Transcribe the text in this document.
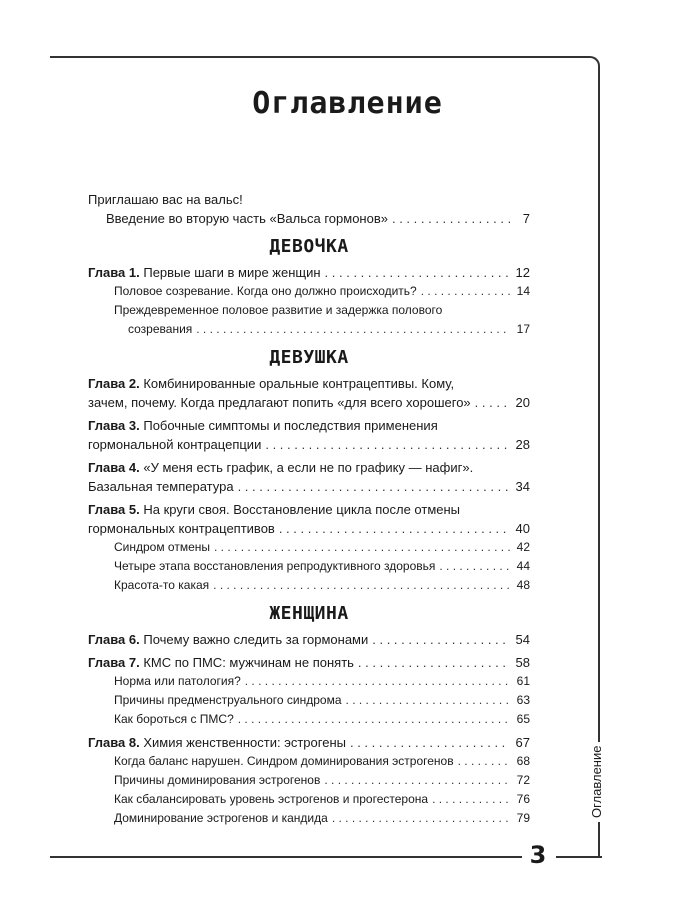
3
Оглавление
Оглавление
Приглашаю вас на вальс!
Введение во вторую часть «Вальса гормонов» . . .	7
ДЕВОЧКА
Глава 1. Первые шаги в мире женщин . . .	12
Половое созревание. Когда оно должно происходить? . . .	14
Преждевременное половое развитие и задержка полового
созревания . . .	17
ДЕВУШКА
Глава 2. Комбинированные оральные контрацептивы. Кому,
зачем, почему. Когда предлагают попить «для всего хорошего» . . .	20
Глава 3. Побочные симптомы и последствия применения
гормональной контрацепции . . .	28
Глава 4. «У меня есть график, а если не по графику — нафиг».
Базальная температура . . .	34
Глава 5. На круги своя. Восстановление цикла после отмены
гормональных контрацептивов . . .	40
Синдром отмены . . .	42
Четыре этапа восстановления репродуктивного здоровья . . .	44
Красота-то какая . . .	48
ЖЕНЩИНА
Глава 6. Почему важно следить за гормонами . . .	54
Глава 7. КМС по ПМС: мужчинам не понять . . .	58
Норма или патология? . . .	61
Причины предменструального синдрома . . .	63
Как бороться с ПМС? . . .	65
Глава 8. Химия женственности: эстрогены . . .	67
Когда баланс нарушен. Синдром доминирования эстрогенов . . .	68
Причины доминирования эстрогенов . . .	72
Как сбалансировать уровень эстрогенов и прогестерона . . .	76
Доминирование эстрогенов и кандида . . .	79
